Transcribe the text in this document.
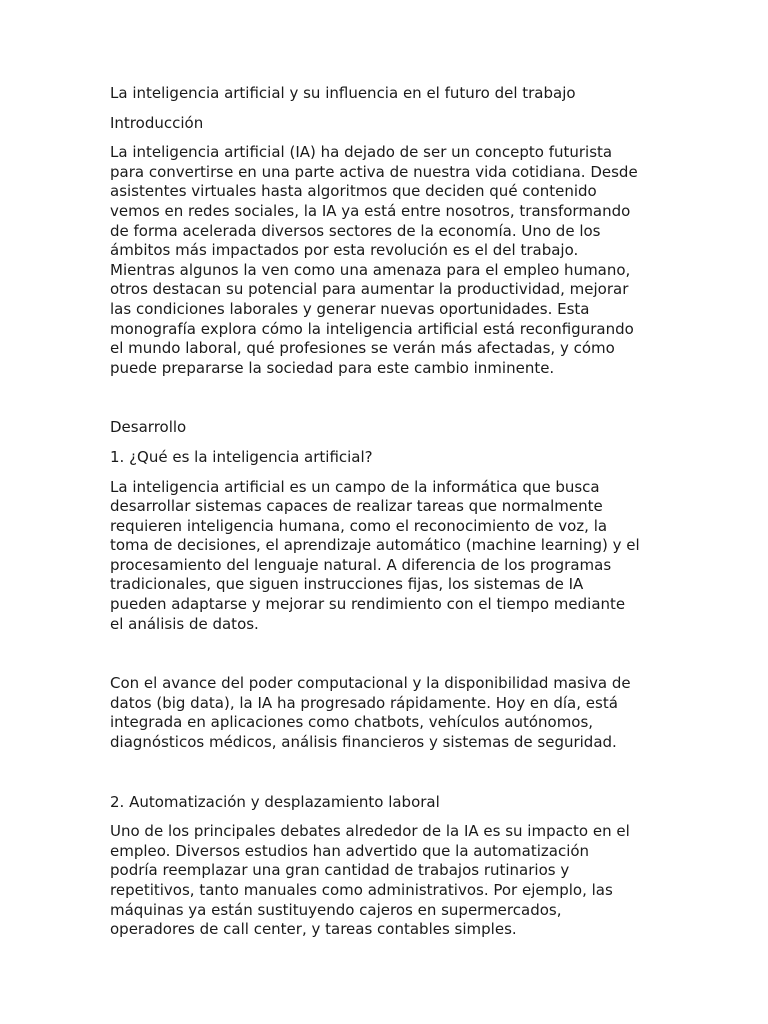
La inteligencia artificial y su influencia en el futuro del trabajo

Introducción

La inteligencia artificial (IA) ha dejado de ser un concepto futurista
para convertirse en una parte activa de nuestra vida cotidiana. Desde
asistentes virtuales hasta algoritmos que deciden qué contenido
vemos en redes sociales, la IA ya está entre nosotros, transformando
de forma acelerada diversos sectores de la economía. Uno de los
ámbitos más impactados por esta revolución es el del trabajo.
Mientras algunos la ven como una amenaza para el empleo humano,
otros destacan su potencial para aumentar la productividad, mejorar
las condiciones laborales y generar nuevas oportunidades. Esta
monografía explora cómo la inteligencia artificial está reconfigurando
el mundo laboral, qué profesiones se verán más afectadas, y cómo
puede prepararse la sociedad para este cambio inminente.

Desarrollo

1. ¿Qué es la inteligencia artificial?

La inteligencia artificial es un campo de la informática que busca
desarrollar sistemas capaces de realizar tareas que normalmente
requieren inteligencia humana, como el reconocimiento de voz, la
toma de decisiones, el aprendizaje automático (machine learning) y el
procesamiento del lenguaje natural. A diferencia de los programas
tradicionales, que siguen instrucciones fijas, los sistemas de IA
pueden adaptarse y mejorar su rendimiento con el tiempo mediante
el análisis de datos.

Con el avance del poder computacional y la disponibilidad masiva de
datos (big data), la IA ha progresado rápidamente. Hoy en día, está
integrada en aplicaciones como chatbots, vehículos autónomos,
diagnósticos médicos, análisis financieros y sistemas de seguridad.

2. Automatización y desplazamiento laboral

Uno de los principales debates alrededor de la IA es su impacto en el
empleo. Diversos estudios han advertido que la automatización
podría reemplazar una gran cantidad de trabajos rutinarios y
repetitivos, tanto manuales como administrativos. Por ejemplo, las
máquinas ya están sustituyendo cajeros en supermercados,
operadores de call center, y tareas contables simples.
